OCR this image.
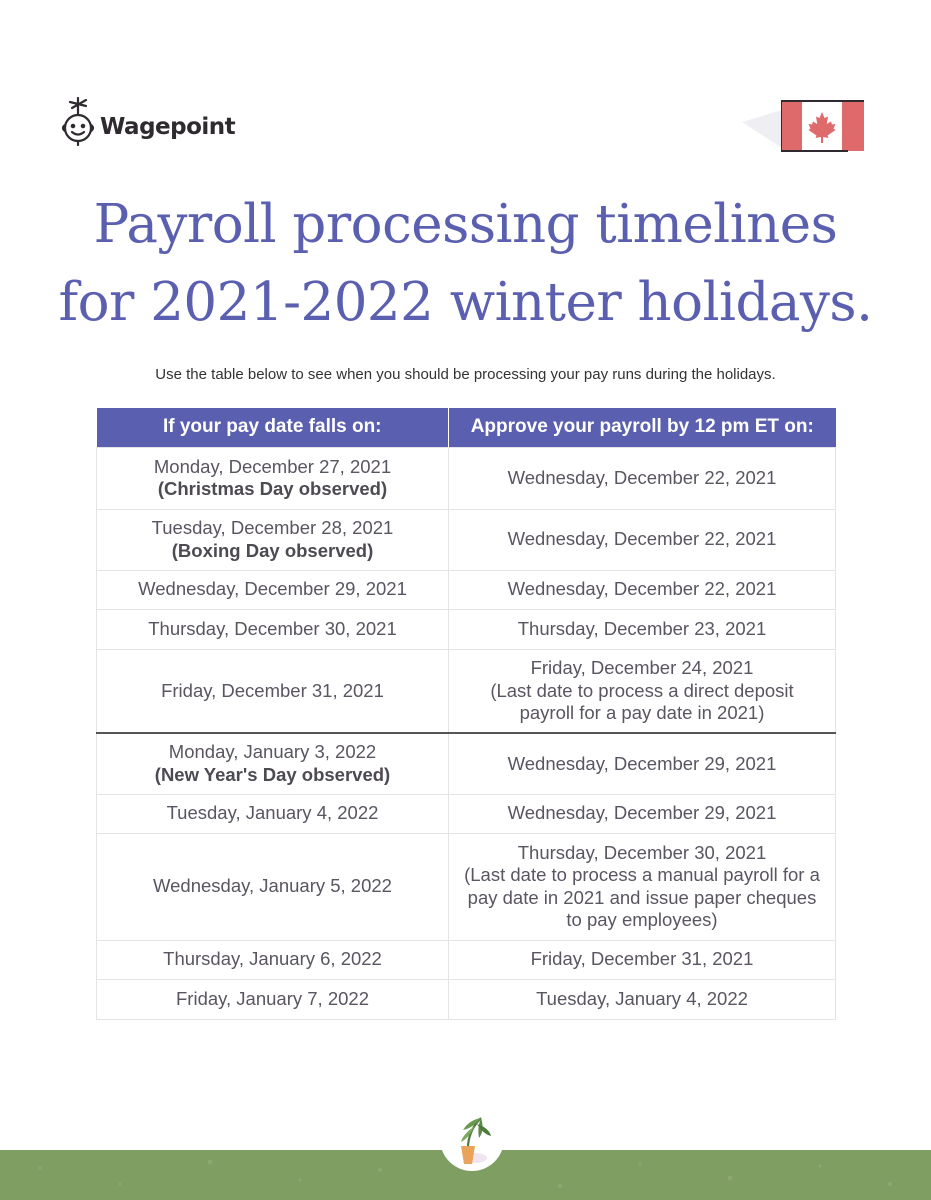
Wagepoint
Payroll processing timelines
for 2021-2022 winter holidays.
Use the table below to see when you should be processing your pay runs during the holidays.
If your pay date falls on:	Approve your payroll by 12 pm ET on:
Monday, December 27, 2021
(Christmas Day observed)	Wednesday, December 22, 2021
Tuesday, December 28, 2021
(Boxing Day observed)	Wednesday, December 22, 2021
Wednesday, December 29, 2021	Wednesday, December 22, 2021
Thursday, December 30, 2021	Thursday, December 23, 2021
Friday, December 31, 2021	Friday, December 24, 2021
(Last date to process a direct deposit payroll for a pay date in 2021)
Monday, January 3, 2022
(New Year's Day observed)	Wednesday, December 29, 2021
Tuesday, January 4, 2022	Wednesday, December 29, 2021
Wednesday, January 5, 2022	Thursday, December 30, 2021
(Last date to process a manual payroll for a pay date in 2021 and issue paper cheques to pay employees)
Thursday, January 6, 2022	Friday, December 31, 2021
Friday, January 7, 2022	Tuesday, January 4, 2022
